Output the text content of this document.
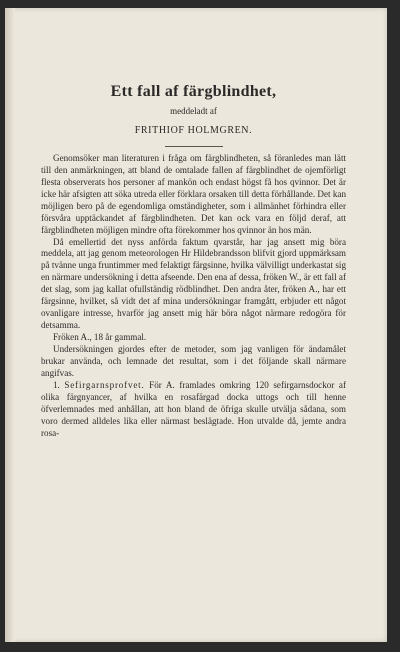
Ett fall af färgblindhet,
meddeladt af
FRITHIOF HOLMGREN.

Genomsöker man literaturen i fråga om färgblindheten, så föranledes man lätt till den anmärkningen, att bland de omtalade fallen af färgblindhet de ojemförligt flesta observerats hos personer af mankön och endast högst få hos qvinnor. Det är icke här afsigten att söka utreda eller förklara orsaken till detta förhållande. Det kan möjligen bero på de egendomliga omständigheter, som i allmänhet förhindra eller försvåra upptäckandet af färgblindheten. Det kan ock vara en följd deraf, att färgblindheten möjligen mindre ofta förekommer hos qvinnor än hos män.

Då emellertid det nyss anförda faktum qvarstår, har jag ansett mig böra meddela, att jag genom meteorologen Hr Hildebrandsson blifvit gjord uppmärksam på tvänne unga fruntimmer med felaktigt färgsinne, hvilka välvilligt underkastat sig en närmare undersökning i detta afseende. Den ena af dessa, fröken W., är ett fall af det slag, som jag kallat ofullständig rödblindhet. Den andra åter, fröken A., har ett färgsinne, hvilket, så vidt det af mina undersökningar framgått, erbjuder ett något ovanligare intresse, hvarför jag ansett mig här böra något närmare redogöra för detsamma.

Fröken A., 18 år gammal.

Undersökningen gjordes efter de metoder, som jag vanligen för ändamålet brukar använda, och lemnade det resultat, som i det följande skall närmare angifvas.

1. Sefirgarnsprofvet. För A. framlades omkring 120 sefirgarnsdockor af olika färgnyancer, af hvilka en rosafärgad docka uttogs och till henne öfverlemnades med anhållan, att hon bland de öfriga skulle utvälja sådana, som voro dermed alldeles lika eller närmast beslägtade. Hon utvalde då, jemte andra rosa-
